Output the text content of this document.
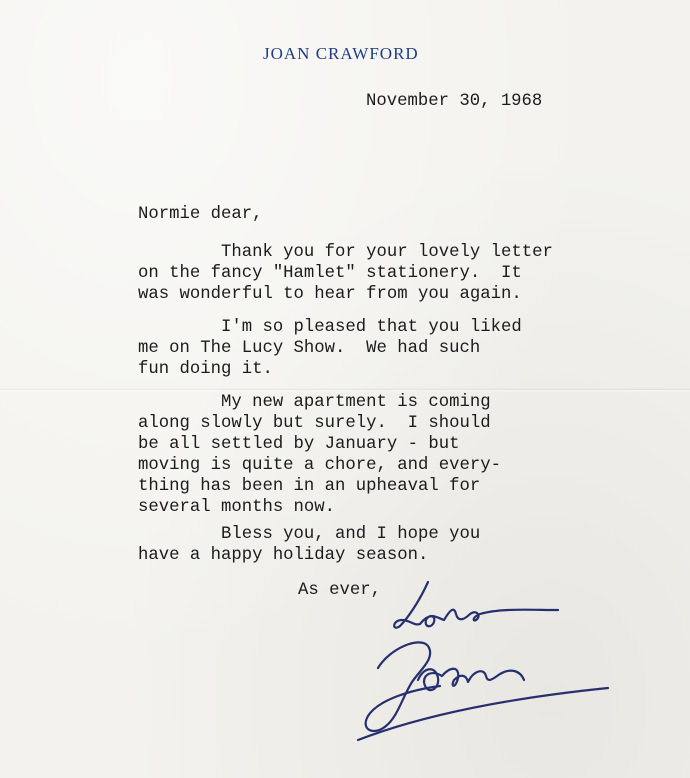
JOAN CRAWFORD
November 30, 1968
Normie dear,
Thank you for your lovely letter
on the fancy "Hamlet" stationery.  It
was wonderful to hear from you again.
I'm so pleased that you liked
me on The Lucy Show.  We had such
fun doing it.
My new apartment is coming
along slowly but surely.  I should
be all settled by January - but
moving is quite a chore, and every-
thing has been in an upheaval for
several months now.
Bless you, and I hope you
have a happy holiday season.
As ever,
